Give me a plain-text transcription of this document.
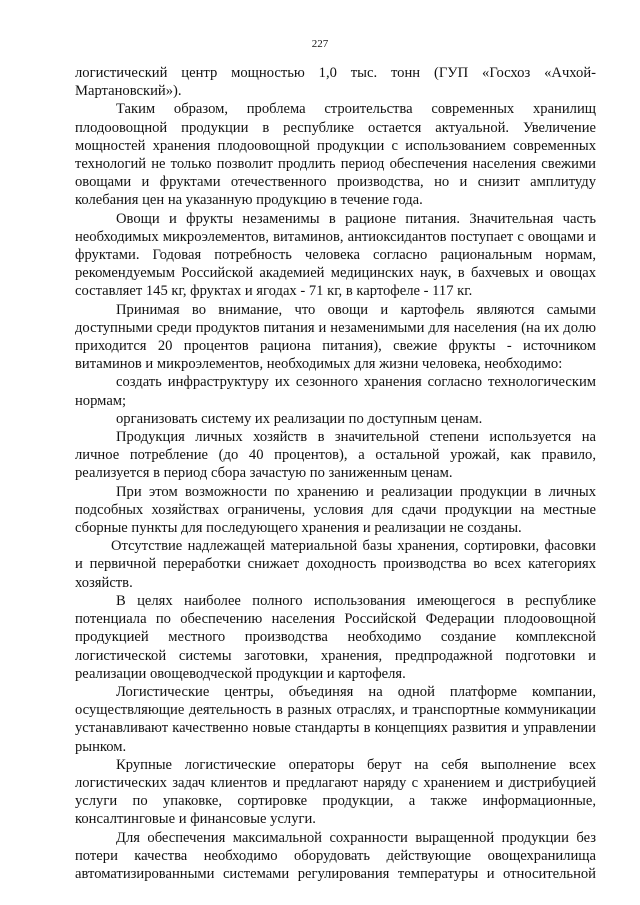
227

логистический центр мощностью 1,0 тыс. тонн (ГУП «Госхоз «Ачхой-Мартановский»).

Таким образом, проблема строительства современных хранилищ плодоовощной продукции в республике остается актуальной. Увеличение мощностей хранения плодоовощной продукции с использованием современных технологий не только позволит продлить период обеспечения населения свежими овощами и фруктами отечественного производства, но и снизит амплитуду колебания цен на указанную продукцию в течение года.

Овощи и фрукты незаменимы в рационе питания. Значительная часть необходимых микроэлементов, витаминов, антиоксидантов поступает с овощами и фруктами. Годовая потребность человека согласно рациональным нормам, рекомендуемым Российской академией медицинских наук, в бахчевых и овощах составляет 145 кг, фруктах и ягодах - 71 кг, в картофеле - 117 кг.

Принимая во внимание, что овощи и картофель являются самыми доступными среди продуктов питания и незаменимыми для населения (на их долю приходится 20 процентов рациона питания), свежие фрукты - источником витаминов и микроэлементов, необходимых для жизни человека, необходимо:

создать инфраструктуру их сезонного хранения согласно технологическим нормам;

организовать систему их реализации по доступным ценам.

Продукция личных хозяйств в значительной степени используется на личное потребление (до 40 процентов), а остальной урожай, как правило, реализуется в период сбора зачастую по заниженным ценам.

При этом возможности по хранению и реализации продукции в личных подсобных хозяйствах ограничены, условия для сдачи продукции на местные сборные пункты для последующего хранения и реализации не созданы.

Отсутствие надлежащей материальной базы хранения, сортировки, фасовки и первичной переработки снижает доходность производства во всех категориях хозяйств.

В целях наиболее полного использования имеющегося в республике потенциала по обеспечению населения Российской Федерации плодоовощной продукцией местного производства необходимо создание комплексной логистической системы заготовки, хранения, предпродажной подготовки и реализации овощеводческой продукции и картофеля.

Логистические центры, объединяя на одной платформе компании, осуществляющие деятельность в разных отраслях, и транспортные коммуникации устанавливают качественно новые стандарты в концепциях развития и управлении рынком.

Крупные логистические операторы берут на себя выполнение всех логистических задач клиентов и предлагают наряду с хранением и дистрибуцией услуги по упаковке, сортировке продукции, а также информационные, консалтинговые и финансовые услуги.

Для обеспечения максимальной сохранности выращенной продукции без потери качества необходимо оборудовать действующие овощехранилища автоматизированными системами регулирования температуры и относительной
